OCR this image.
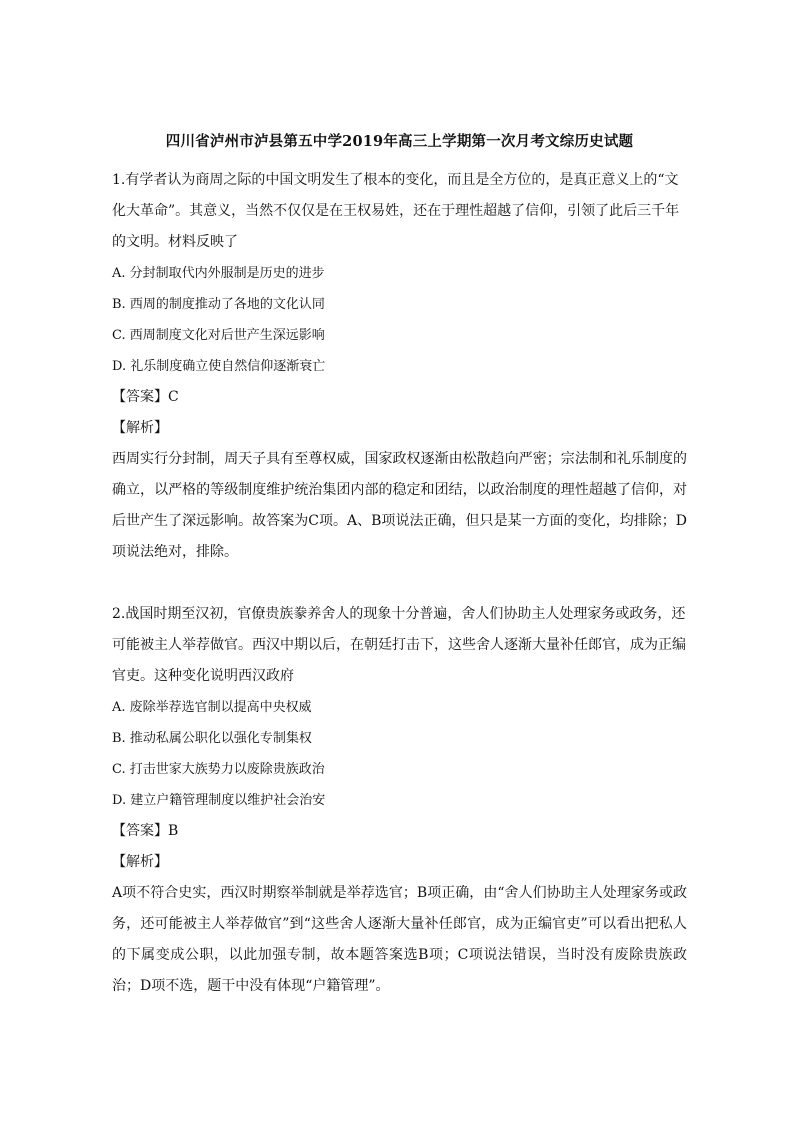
四川省泸州市泸县第五中学2019年高三上学期第一次月考文综历史试题

1.有学者认为商周之际的中国文明发生了根本的变化，而且是全方位的，是真正意义上的“文化大革命”。其意义，当然不仅仅是在王权易姓，还在于理性超越了信仰，引领了此后三千年的文明。材料反映了

A. 分封制取代内外服制是历史的进步

B. 西周的制度推动了各地的文化认同

C. 西周制度文化对后世产生深远影响

D. 礼乐制度确立使自然信仰逐渐衰亡

【答案】C

【解析】

西周实行分封制，周天子具有至尊权威，国家政权逐渐由松散趋向严密；宗法制和礼乐制度的确立，以严格的等级制度维护统治集团内部的稳定和团结，以政治制度的理性超越了信仰，对后世产生了深远影响。故答案为C项。A、B项说法正确，但只是某一方面的变化，均排除；D项说法绝对，排除。

2.战国时期至汉初，官僚贵族豢养舍人的现象十分普遍，舍人们协助主人处理家务或政务，还可能被主人举荐做官。西汉中期以后，在朝廷打击下，这些舍人逐渐大量补任郎官，成为正编官吏。这种变化说明西汉政府

A. 废除举荐选官制以提高中央权威

B. 推动私属公职化以强化专制集权

C. 打击世家大族势力以废除贵族政治

D. 建立户籍管理制度以维护社会治安

【答案】B

【解析】

A项不符合史实，西汉时期察举制就是举荐选官；B项正确，由“舍人们协助主人处理家务或政务，还可能被主人举荐做官”到“这些舍人逐渐大量补任郎官，成为正编官吏”可以看出把私人的下属变成公职，以此加强专制，故本题答案选B项；C项说法错误，当时没有废除贵族政治；D项不选，题干中没有体现“户籍管理”。
